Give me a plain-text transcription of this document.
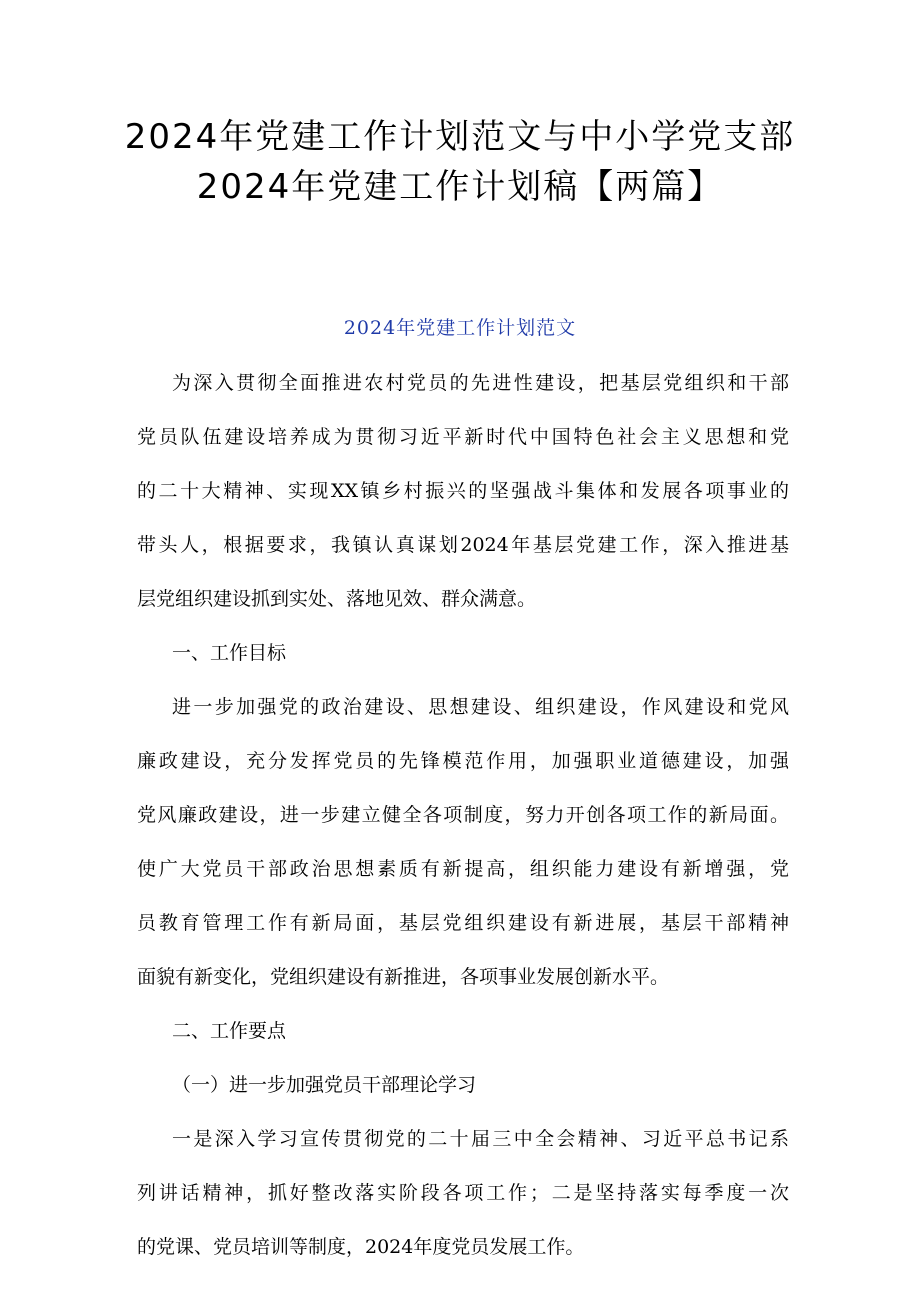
2024年党建工作计划范文与中小学党支部
2024年党建工作计划稿【两篇】
2024年党建工作计划范文
为深入贯彻全面推进农村党员的先进性建设，把基层党组织和干部
党员队伍建设培养成为贯彻习近平新时代中国特色社会主义思想和党
的二十大精神、实现XX镇乡村振兴的坚强战斗集体和发展各项事业的
带头人，根据要求，我镇认真谋划2024年基层党建工作，深入推进基
层党组织建设抓到实处、落地见效、群众满意。
一、工作目标
进一步加强党的政治建设、思想建设、组织建设，作风建设和党风
廉政建设，充分发挥党员的先锋模范作用，加强职业道德建设，加强
党风廉政建设，进一步建立健全各项制度，努力开创各项工作的新局面。
使广大党员干部政治思想素质有新提高，组织能力建设有新增强，党
员教育管理工作有新局面，基层党组织建设有新进展，基层干部精神
面貌有新变化，党组织建设有新推进，各项事业发展创新水平。
二、工作要点
（一）进一步加强党员干部理论学习
一是深入学习宣传贯彻党的二十届三中全会精神、习近平总书记系
列讲话精神，抓好整改落实阶段各项工作；二是坚持落实每季度一次
的党课、党员培训等制度，2024年度党员发展工作。
